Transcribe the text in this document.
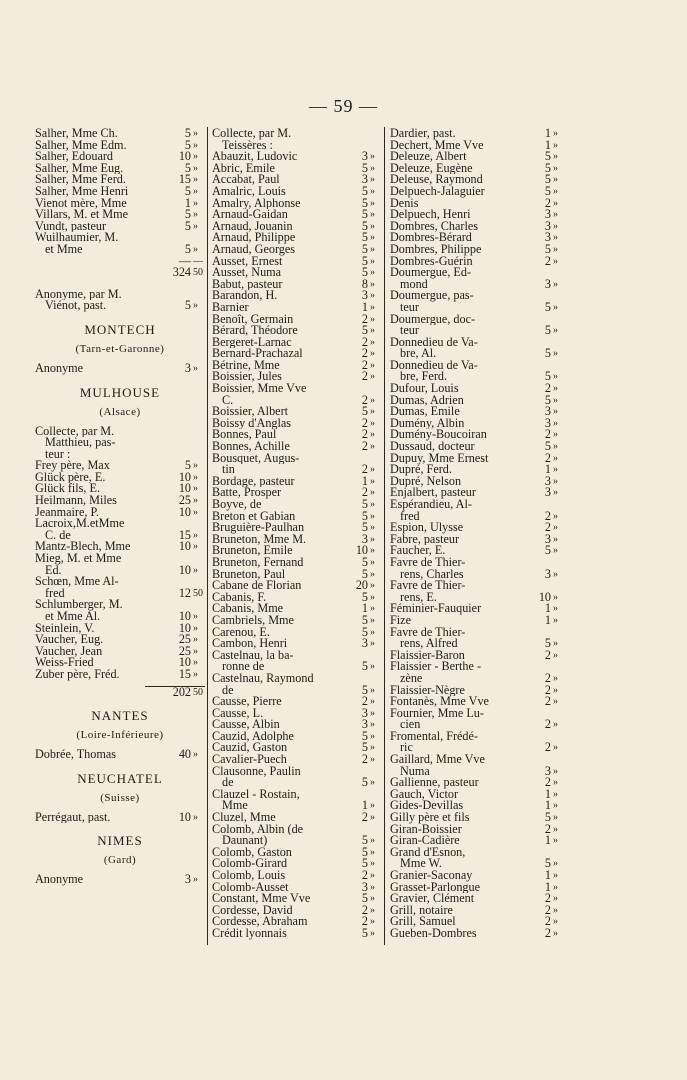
— 59 —
Salher, Mme Ch.	5 »
Salher, Mme Edm.	5 »
Salher, Edouard	10 »
Salher, Mme Eug.	5 »
Salher, Mme Ferd.	15 »
Salher, Mme Henri	5 »
Vienot mère, Mme	1 »
Villars, M. et Mme	5 »
Vundt, pasteur	5 »
Wuilhaumier, M.
et Mme	5 »
— —
324 50
Anonyme, par M.
Viénot, past.	5 »
MONTECH
(Tarn-et-Garonne)
Anonyme	3 »
MULHOUSE
(Alsace)
Collecte, par M.
Matthieu, pas-
teur :
Frey père, Max	5 »
Glück père, E.	10 »
Glück fils, E.	10 »
Heilmann, Miles	25 »
Jeanmaire, P.	10 »
Lacroix,M.etMme
C. de	15 »
Mantz-Blech, Mme	10 »
Mieg, M. et Mme
Ed.	10 »
Schœn, Mme Al-
fred	12 50
Schlumberger, M.
et Mme Al.	10 »
Steinlein, V.	10 »
Vaucher, Eug.	25 »
Vaucher, Jean	25 »
Weiss-Fried	10 »
Zuber père, Fréd.	15 »
202 50
NANTES
(Loire-Inférieure)
Dobrée, Thomas	40 »
NEUCHATEL
(Suisse)
Perrégaut, past.	10 »
NIMES
(Gard)
Anonyme	3 »
Collecte, par M.
Teissères :
Abauzit, Ludovic	3 »
Abric, Emile	5 »
Accabat, Paul	3 »
Amalric, Louis	5 »
Amalry, Alphonse	5 »
Arnaud-Gaidan	5 »
Arnaud, Jouanin	5 »
Arnaud, Philippe	5 »
Arnaud, Georges	5 »
Ausset, Ernest	5 »
Ausset, Numa	5 »
Babut, pasteur	8 »
Barandon, H.	3 »
Barnier	1 »
Benoît, Germain	2 »
Bérard, Théodore	5 »
Bergeret-Larnac	2 »
Bernard-Prachazal	2 »
Bétrine, Mme	2 »
Boissier, Jules	2 »
Boissier, Mme Vve
C.	2 »
Boissier, Albert	5 »
Boissy d'Anglas	2 »
Bonnes, Paul	2 »
Bonnes, Achille	2 »
Bousquet, Augus-
tin	2 »
Bordage, pasteur	1 »
Batte, Prosper	2 »
Boyve, de	5 »
Breton et Gabian	5 »
Bruguière-Paulhan	5 »
Bruneton, Mme M.	3 »
Bruneton, Emile	10 »
Bruneton, Fernand	5 »
Bruneton, Paul	5 »
Cabane de Florian	20 »
Cabanis, F.	5 »
Cabanis, Mme	1 »
Cambriels, Mme	5 »
Carenou, E.	5 »
Cambon, Henri	3 »
Castelnau, la ba-
ronne de	5 »
Castelnau, Raymond
de	5 »
Causse, Pierre	2 »
Causse, L.	3 »
Causse, Albin	3 »
Cauzid, Adolphe	5 »
Cauzid, Gaston	5 »
Cavalier-Puech	2 »
Clausonne, Paulin
de	5 »
Clauzel - Rostain,
Mme	1 »
Cluzel, Mme	2 »
Colomb, Albin (de
Daunant)	5 »
Colomb, Gaston	5 »
Colomb-Girard	5 »
Colomb, Louis	2 »
Colomb-Ausset	3 »
Constant, Mme Vve	5 »
Cordesse, David	2 »
Cordesse, Abraham	2 »
Crédit lyonnais	5 »
Dardier, past.	1 »
Dechert, Mme Vve	1 »
Deleuze, Albert	5 »
Deleuze, Eugène	5 »
Deleuse, Raymond	5 »
Delpuech-Jalaguier	5 »
Denis	2 »
Delpuech, Henri	3 »
Dombres, Charles	3 »
Dombres-Bérard	3 »
Dombres, Philippe	5 »
Dombres-Guérin	2 »
Doumergue, Ed-
mond	3 »
Doumergue, pas-
teur	5 »
Doumergue, doc-
teur	5 »
Donnedieu de Va-
bre, Al.	5 »
Donnedieu de Va-
bre, Ferd.	5 »
Dufour, Louis	2 »
Dumas, Adrien	5 »
Dumas, Emile	3 »
Dumény, Albin	3 »
Dumény-Boucoiran	2 »
Dussaud, docteur	5 »
Dupuy, Mme Ernest	2 »
Dupré, Ferd.	1 »
Dupré, Nelson	3 »
Enjalbert, pasteur	3 »
Espérandieu, Al-
fred	2 »
Espion, Ulysse	2 »
Fabre, pasteur	3 »
Faucher, E.	5 »
Favre de Thier-
rens, Charles	3 »
Favre de Thier-
rens, E.	10 »
Féminier-Fauquier	1 »
Fize	1 »
Favre de Thier-
rens, Alfred	5 »
Flaissier-Baron	2 »
Flaissier - Berthe -
zène	2 »
Flaissier-Nègre	2 »
Fontanès, Mme Vve	2 »
Fournier, Mme Lu-
cien	2 »
Fromental, Frédé-
ric	2 »
Gaillard, Mme Vve
Numa	3 »
Gallienne, pasteur	2 »
Gauch, Victor	1 »
Gides-Devillas	1 »
Gilly père et fils	5 »
Giran-Boissier	2 »
Giran-Cadière	1 »
Grand d'Esnon,
Mme W.	5 »
Granier-Saconay	1 »
Grasset-Parlongue	1 »
Gravier, Clément	2 »
Grill, notaire	2 »
Grill, Samuel	2 »
Gueben-Dombres	2 »
